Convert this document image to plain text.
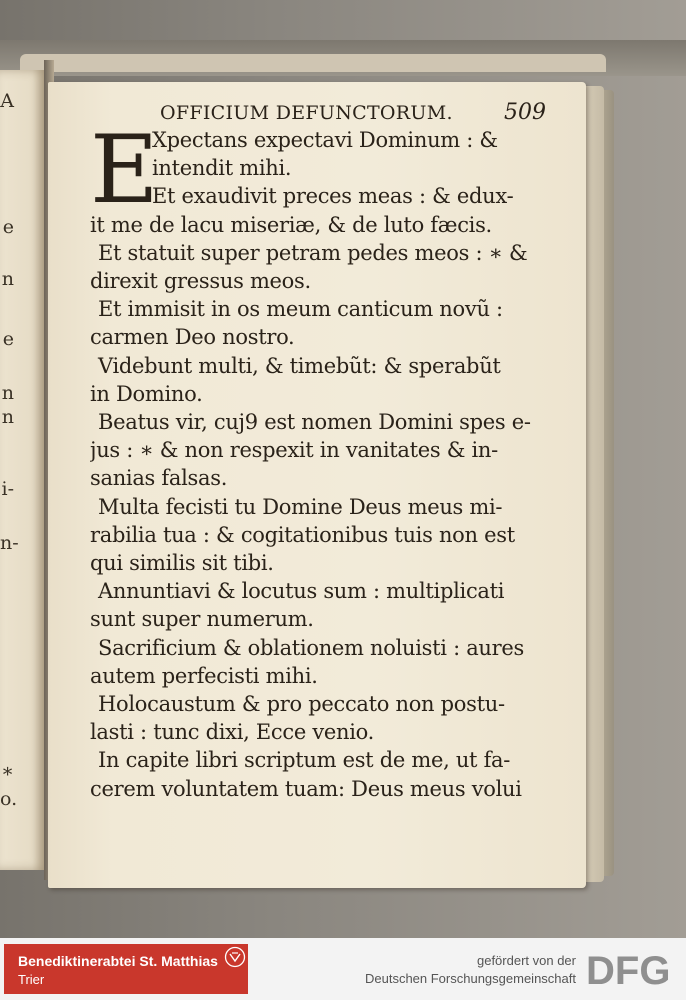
A
e
n
e
n
n
i-
n-
∗
o.
OFFICIUM DEFUNCTORUM. 509
E
Xpectans expectavi Dominum : &
intendit mihi.
Et exaudivit preces meas : & edux-
it me de lacu miseriæ, & de luto fæcis.
Et statuit super petram pedes meos : ∗ &
direxit gressus meos.
Et immisit in os meum canticum novũ :
carmen Deo nostro.
Videbunt multi, & timebũt: & sperabũt
in Domino.
Beatus vir, cuj9 est nomen Domini spes e-
jus : ∗ & non respexit in vanitates & in-
sanias falsas.
Multa fecisti tu Domine Deus meus mi-
rabilia tua : & cogitationibus tuis non est
qui similis sit tibi.
Annuntiavi & locutus sum : multiplicati
sunt super numerum.
Sacrificium & oblationem noluisti : aures
autem perfecisti mihi.
Holocaustum & pro peccato non postu-
lasti : tunc dixi, Ecce venio.
In capite libri scriptum est de me, ut fa-
cerem voluntatem tuam: Deus meus volui
Benediktinerabtei St. Matthias
Trier
gefördert von der
Deutschen Forschungsgemeinschaft DFG
